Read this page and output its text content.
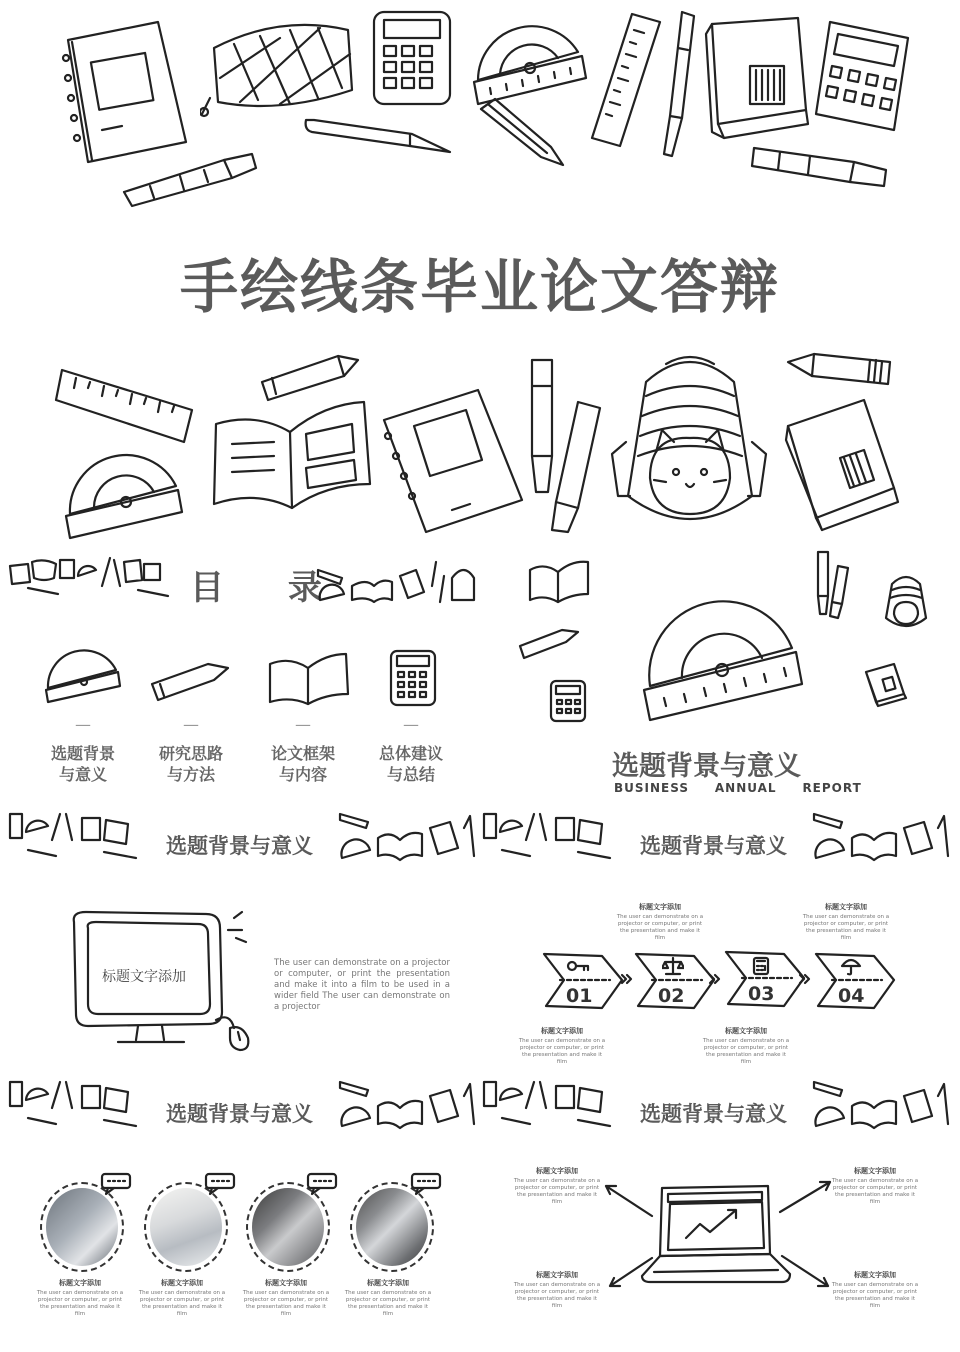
手绘线条毕业论文答辩
目 录
—
选题背景
与意义
—
研究思路
与方法
—
论文框架
与内容
—
总体建议
与总结	选题背景与意义
BUSINESS     ANNUAL     REPORT
选题背景与意义	选题背景与意义
选题背景与意义	选题背景与意义
标题文字添加
The user can demonstrate on a projector or computer, or print the presentation and make it into a film to be used in a wider field The user can demonstrate on a projector
标题文字添加
The user can demonstrate on a projector or computer, or print the presentation and make it film
标题文字添加
The user can demonstrate on a projector or computer, or print the presentation and make it film
01	02	03	04
标题文字添加
The user can demonstrate on a projector or computer, or print the presentation and make it film
标题文字添加
The user can demonstrate on a projector or computer, or print the presentation and make it film
标题文字添加
The user can demonstrate on a projector or computer, or print the presentation and make it film
标题文字添加
The user can demonstrate on a projector or computer, or print the presentation and make it film
标题文字添加
The user can demonstrate on a projector or computer, or print the presentation and make it film
标题文字添加
The user can demonstrate on a projector or computer, or print the presentation and make it film
标题文字添加
The user can demonstrate on a projector or computer, or print the presentation and make it film
标题文字添加
The user can demonstrate on a projector or computer, or print the presentation and make it film
标题文字添加
The user can demonstrate on a projector or computer, or print the presentation and make it film
标题文字添加
The user can demonstrate on a projector or computer, or print the presentation and make it film
